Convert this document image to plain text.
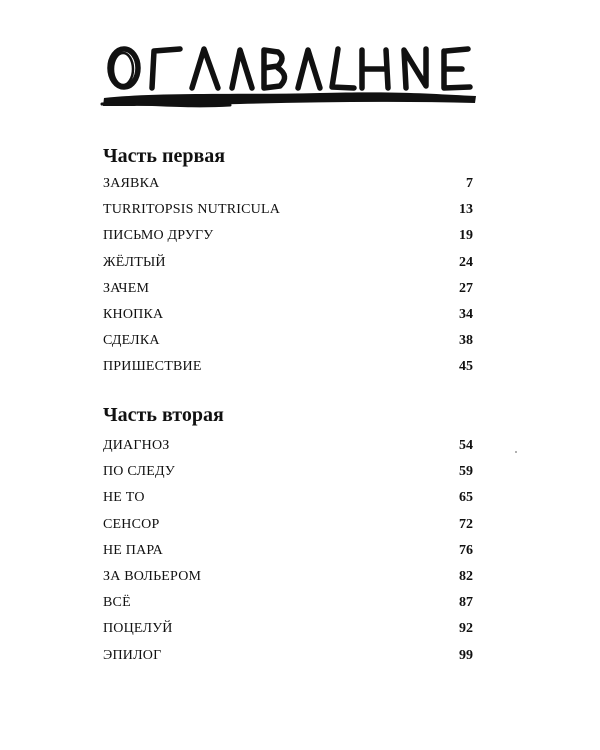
Часть первая
ЗАЯВКА	7
TURRITOPSIS NUTRICULA	13
ПИСЬМО ДРУГУ	19
ЖЁЛТЫЙ	24
ЗАЧЕМ	27
КНОПКА	34
СДЕЛКА	38
ПРИШЕСТВИЕ	45
Часть вторая
ДИАГНОЗ	54
ПО СЛЕДУ	59
НЕ ТО	65
СЕНСОР	72
НЕ ПАРА	76
ЗА ВОЛЬЕРОМ	82
ВСЁ	87
ПОЦЕЛУЙ	92
ЭПИЛОГ	99
